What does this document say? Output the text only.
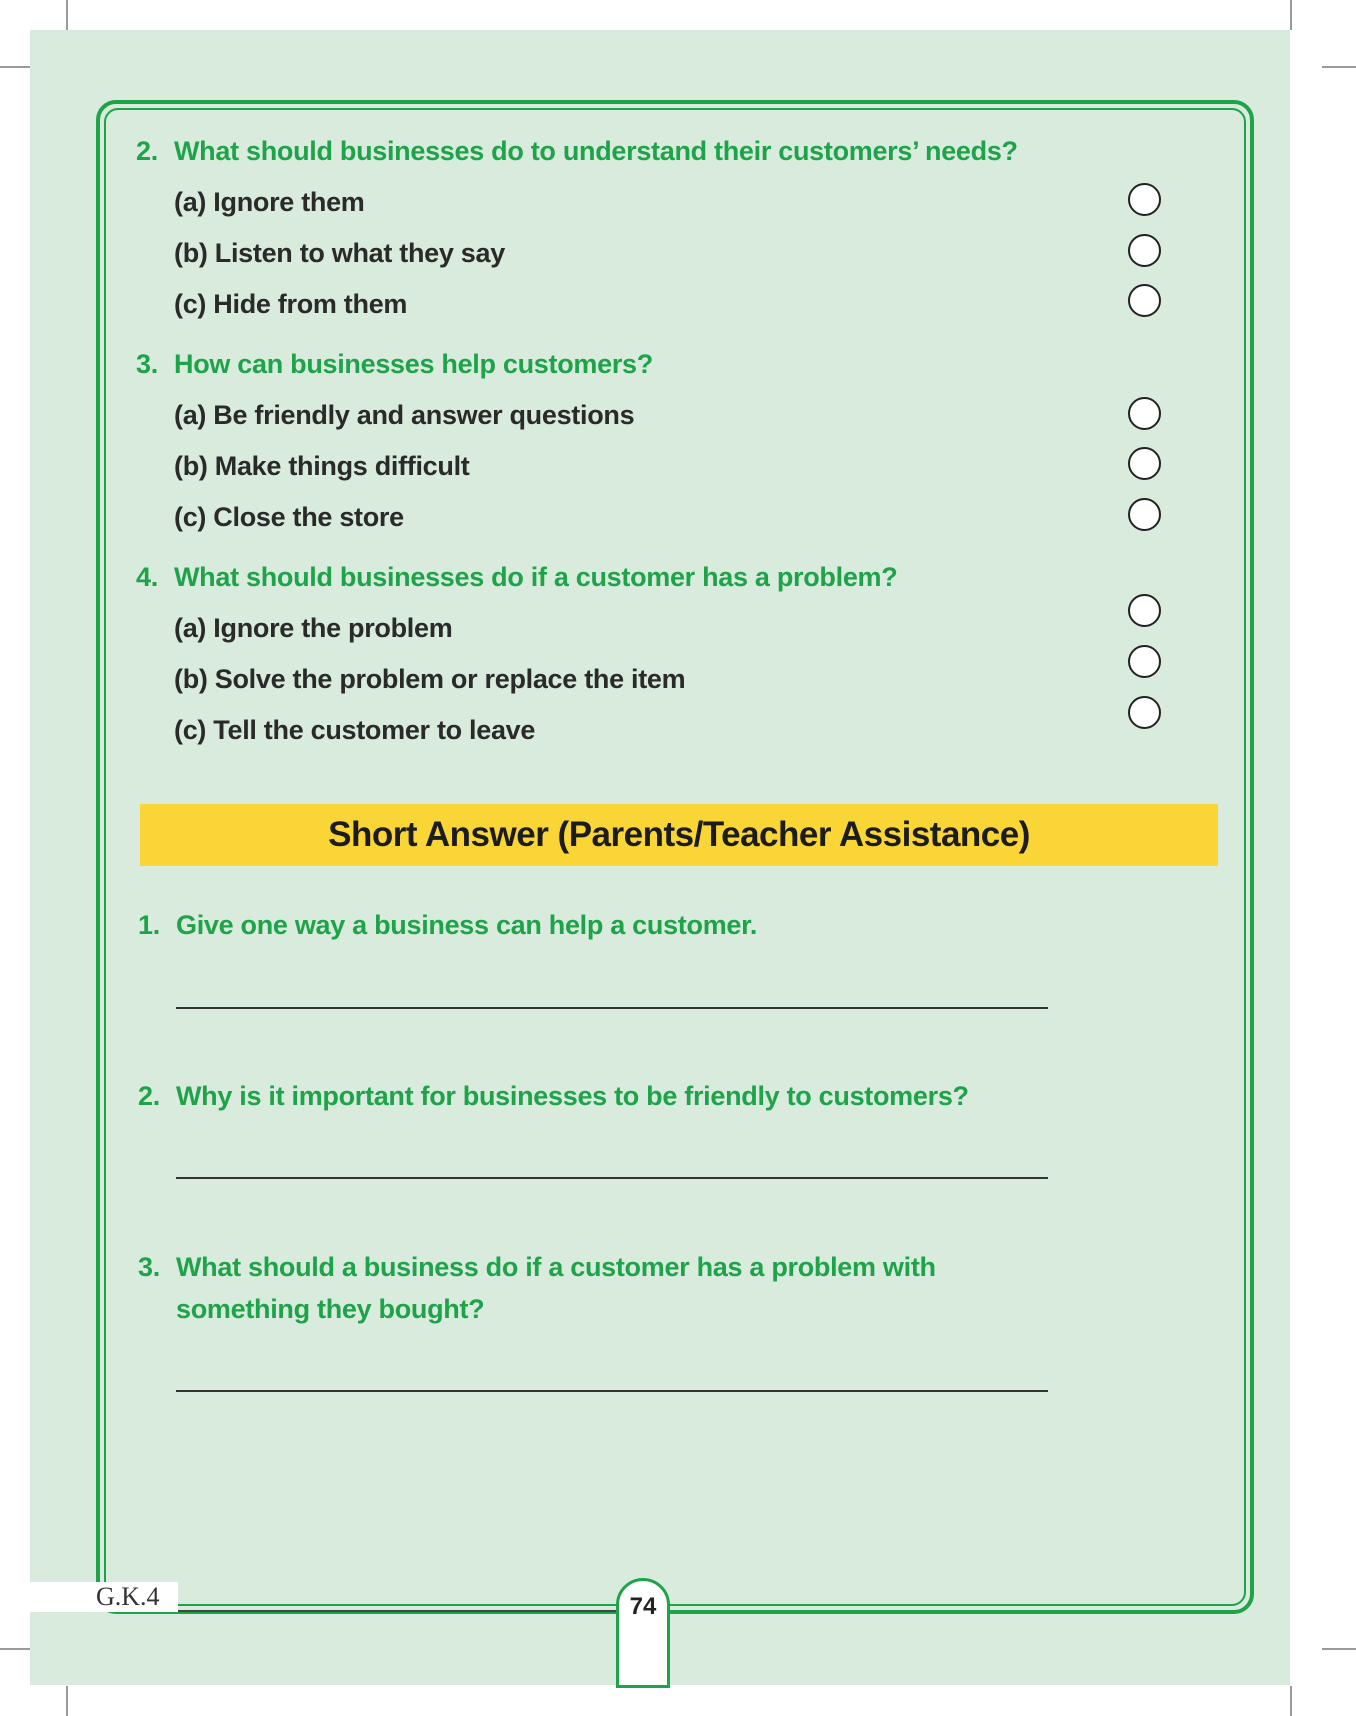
2. What should businesses do to understand their customers’ needs?
(a) Ignore them
(b) Listen to what they say
(c) Hide from them
3. How can businesses help customers?
(a) Be friendly and answer questions
(b) Make things difficult
(c) Close the store
4. What should businesses do if a customer has a problem?
(a) Ignore the problem
(b) Solve the problem or replace the item
(c) Tell the customer to leave
Short Answer (Parents/Teacher Assistance)
1. Give one way a business can help a customer.
2. Why is it important for businesses to be friendly to customers?
3. What should a business do if a customer has a problem with
something they bought?
G.K.4	74
